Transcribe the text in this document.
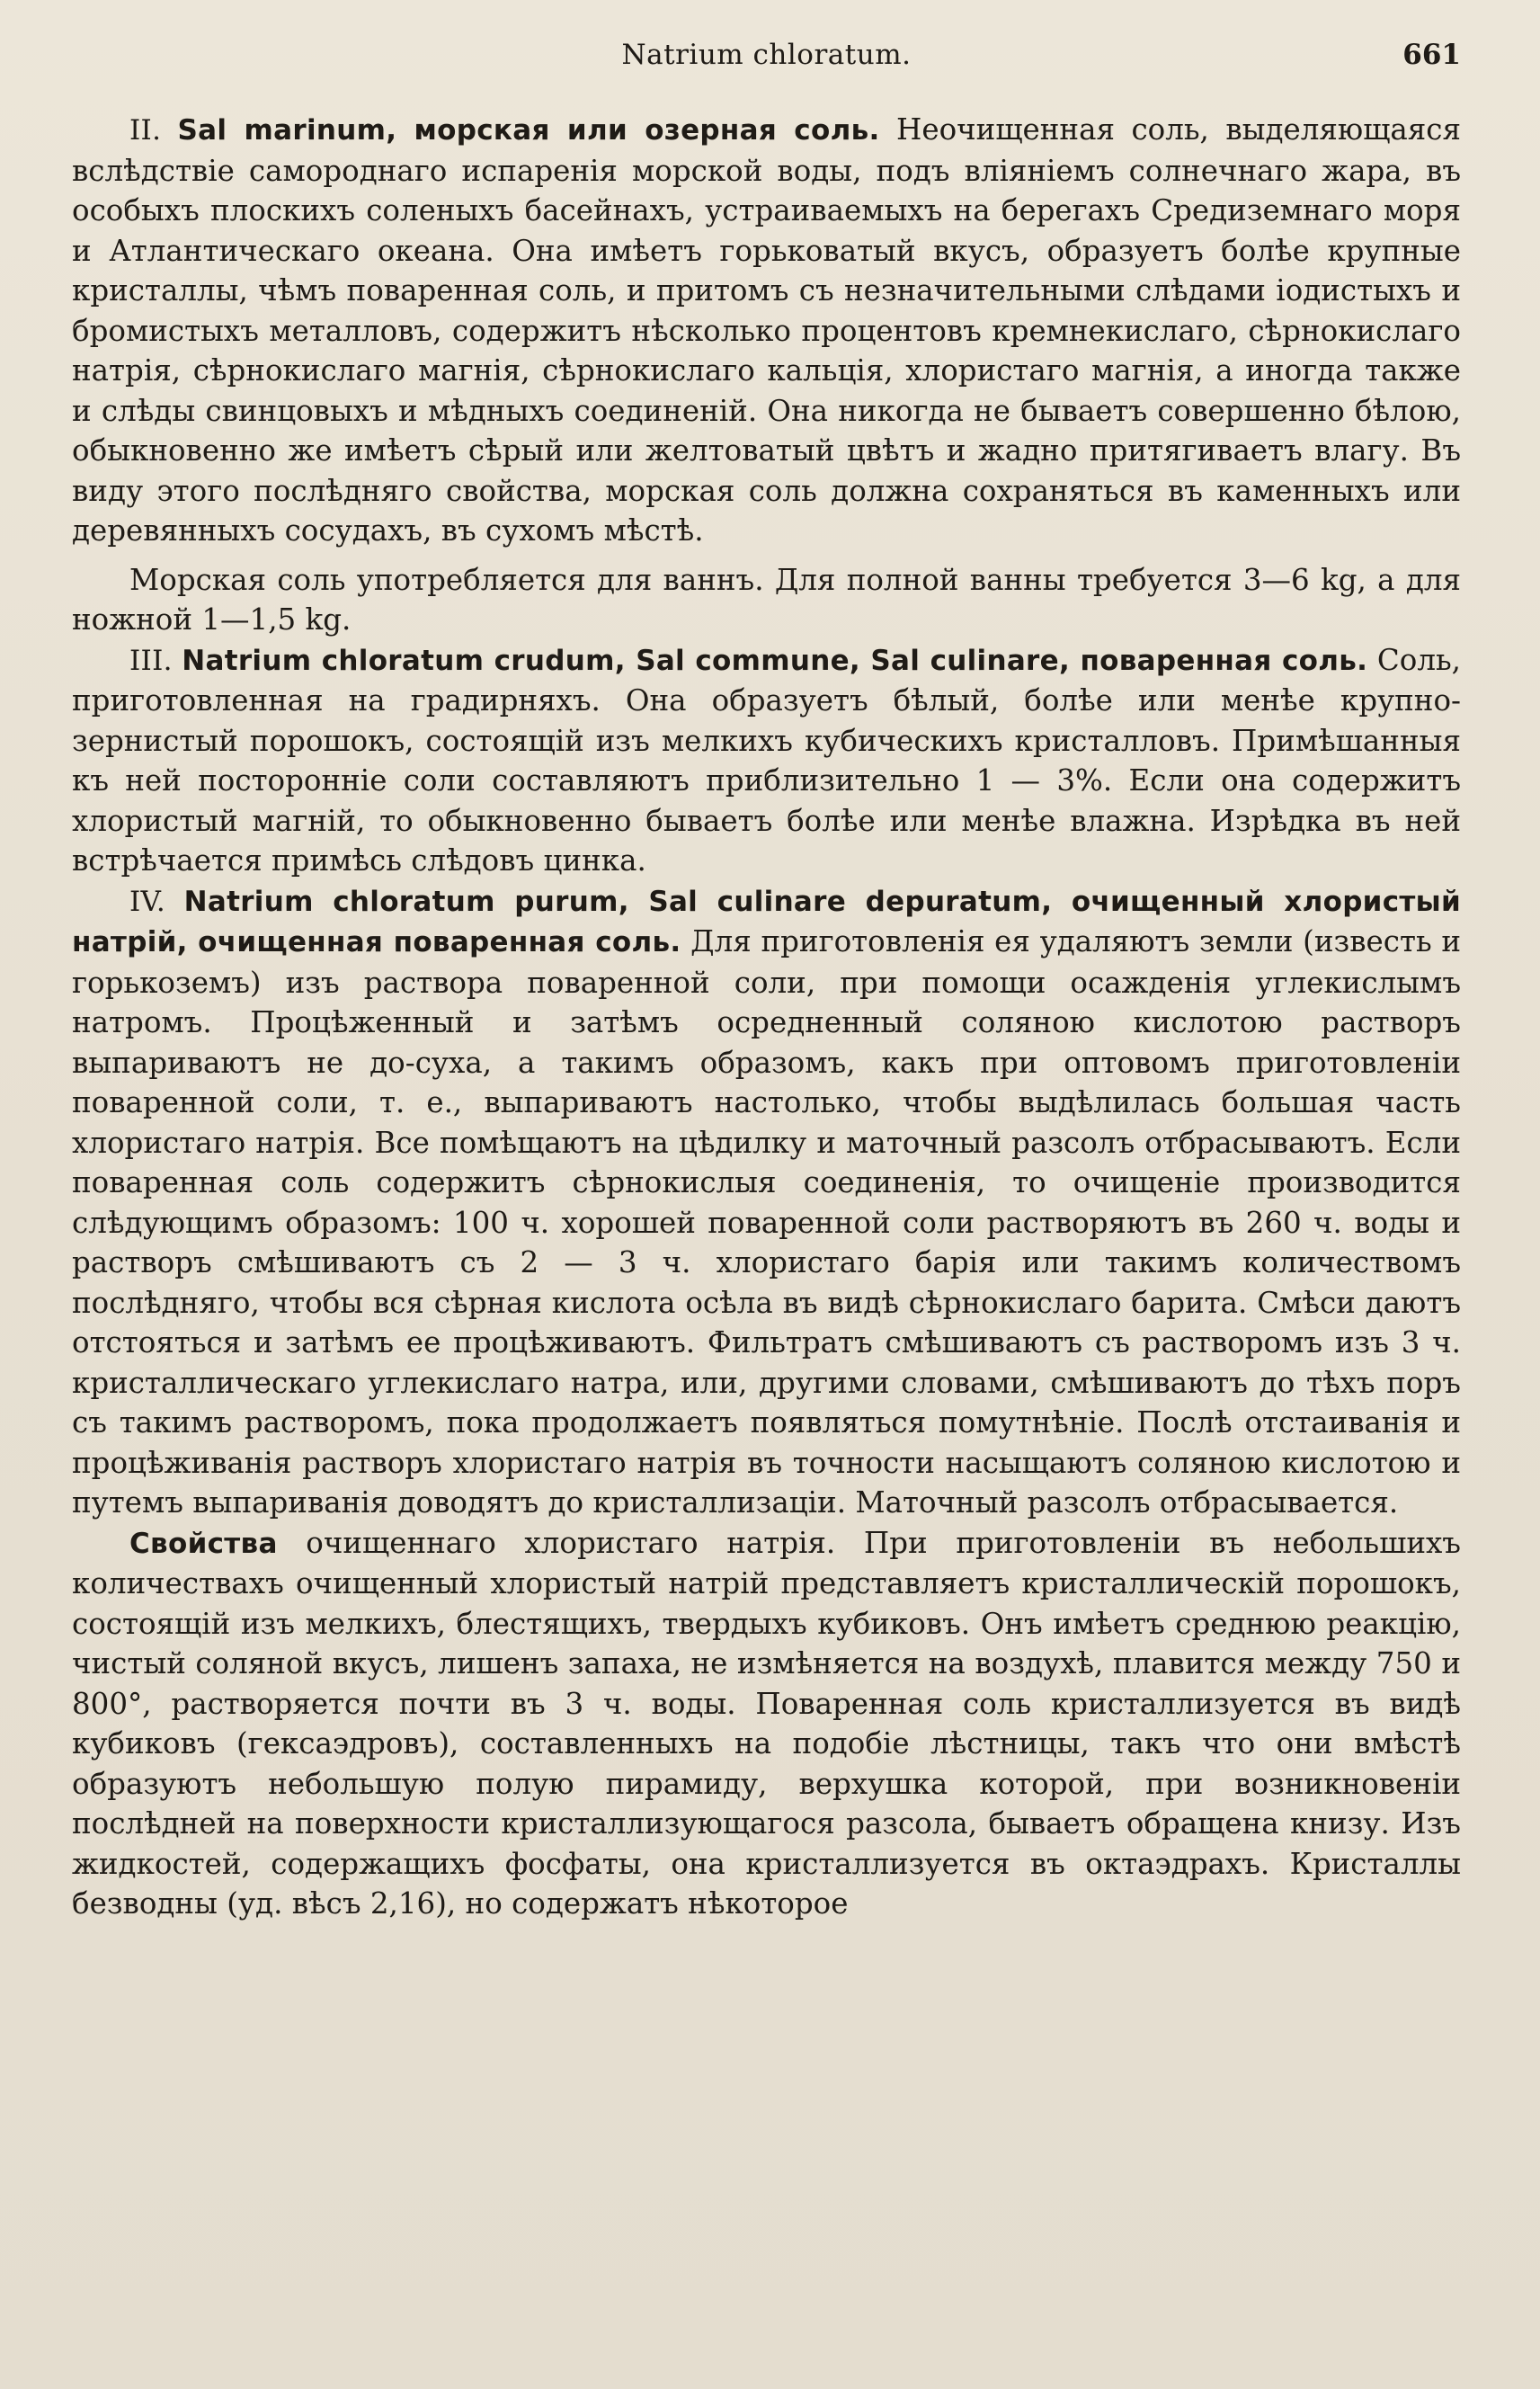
Natrium chloratum.	661

II. Sal marinum, морская или озерная соль. Неочищенная соль, выделяющаяся вслѣдствіе самороднаго испаренія морской воды, подъ вліяніемъ солнечнаго жара, въ особыхъ плоскихъ соленыхъ басейнахъ, устраиваемыхъ на берегахъ Средиземнаго моря и Атлантическаго океана. Она имѣетъ горьковатый вкусъ, образуетъ болѣе крупные кристаллы, чѣмъ поваренная соль, и притомъ съ незначительными слѣдами іодистыхъ и бромистыхъ металловъ, содержитъ нѣсколько процентовъ кремнекислаго, сѣрнокислаго натрія, сѣрнокислаго магнія, сѣрнокислаго кальція, хлористаго магнія, а иногда также и слѣды свинцовыхъ и мѣдныхъ соединеній. Она никогда не бываетъ совершенно бѣлою, обыкновенно же имѣетъ сѣрый или желтоватый цвѣтъ и жадно притягиваетъ влагу. Въ виду этого послѣдняго свойства, морская соль должна сохраняться въ каменныхъ или деревянныхъ сосудахъ, въ сухомъ мѣстѣ.

Морская соль употребляется для ваннъ. Для полной ванны требуется 3—6 kg, а для ножной 1—1,5 kg.

III. Natrium chloratum crudum, Sal commune, Sal culinare, поваренная соль. Соль, приготовленная на градирняхъ. Она образуетъ бѣлый, болѣе или менѣе крупно-зернистый порошокъ, состоящій изъ мелкихъ кубическихъ кристалловъ. Примѣшанныя къ ней посторонніе соли составляютъ приблизительно 1 — 3%. Если она содержитъ хлористый магній, то обыкновенно бываетъ болѣе или менѣе влажна. Изрѣдка въ ней встрѣчается примѣсь слѣдовъ цинка.

IV. Natrium chloratum purum, Sal culinare depuratum, очищенный хлористый натрій, очищенная поваренная соль. Для приготовленія ея удаляютъ земли (известь и горькоземъ) изъ раствора поваренной соли, при помощи осажденія углекислымъ натромъ. Процѣженный и затѣмъ осредненный соляною кислотою растворъ выпариваютъ не до-суха, а такимъ образомъ, какъ при оптовомъ приготовленіи поваренной соли, т. е., выпариваютъ настолько, чтобы выдѣлилась большая часть хлористаго натрія. Все помѣщаютъ на цѣдилку и маточный разсолъ отбрасываютъ. Если поваренная соль содержитъ сѣрнокислыя соединенія, то очищеніе производится слѣдующимъ образомъ: 100 ч. хорошей поваренной соли растворяютъ въ 260 ч. воды и растворъ смѣшиваютъ съ 2 — 3 ч. хлористаго барія или такимъ количествомъ послѣдняго, чтобы вся сѣрная кислота осѣла въ видѣ сѣрнокислаго барита. Смѣси даютъ отстояться и затѣмъ ее процѣживаютъ. Фильтратъ смѣшиваютъ съ растворомъ изъ 3 ч. кристаллическаго углекислаго натра, или, другими словами, смѣшиваютъ до тѣхъ поръ съ такимъ растворомъ, пока продолжаетъ появляться помутнѣніе. Послѣ отстаиванія и процѣживанія растворъ хлористаго натрія въ точности насыщаютъ соляною кислотою и путемъ выпариванія доводятъ до кристаллизаціи. Маточный разсолъ отбрасывается.

Свойства очищеннаго хлористаго натрія. При приготовленіи въ небольшихъ количествахъ очищенный хлористый натрій представляетъ кристаллическій порошокъ, состоящій изъ мелкихъ, блестящихъ, твердыхъ кубиковъ. Онъ имѣетъ среднюю реакцію, чистый соляной вкусъ, лишенъ запаха, не измѣняется на воздухѣ, плавится между 750 и 800°, растворяется почти въ 3 ч. воды. Поваренная соль кристаллизуется въ видѣ кубиковъ (гексаэдровъ), составленныхъ на подобіе лѣстницы, такъ что они вмѣстѣ образуютъ небольшую полую пирамиду, верхушка которой, при возникновеніи послѣдней на поверхности кристаллизующагося разсола, бываетъ обращена книзу. Изъ жидкостей, содержащихъ фосфаты, она кристаллизуется въ октаэдрахъ. Кристаллы безводны (уд. вѣсъ 2,16), но содержатъ нѣкоторое
